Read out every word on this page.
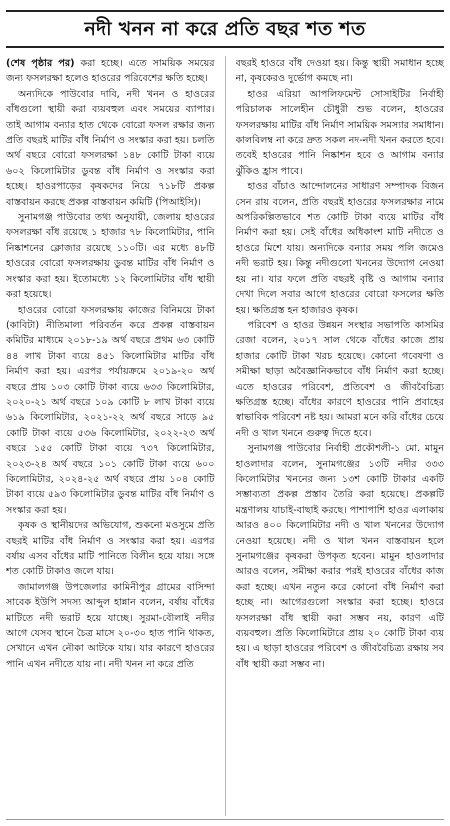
নদী খনন না করে প্রতি বছর শত শত

(শেষ পৃষ্ঠার পর) করা হচ্ছে। এতে সাময়িক সময়ের জন্য ফসলরক্ষা হলেও হাওরের পরিবেশের ক্ষতি হচ্ছে।

অন্যদিকে পাউবোর দাবি, নদী খনন ও হাওরের বাঁধগুলো স্থায়ী করা ব্যয়বহুল এবং সময়ের ব্যাপার। তাই আগাম বন্যার হাত থেকে বোরো ফসল রক্ষার জন্য প্রতি বছরই মাটির বাঁধ নির্মাণ ও সংস্কার করা হয়। চলতি অর্থ বছরে বোরো ফসলরক্ষা ১৪৮ কোটি টাকা ব্যয়ে ৬০২ কিলোমিটার ডুবন্ত বাঁধ নির্মাণ ও সংস্কার করা হচ্ছে। হাওরপাড়ের কৃষকদের নিয়ে ৭১৮টি প্রকল্প বাস্তবায়ন করছে প্রকল্প বাস্তবায়ন কমিটি (পিআইসি)।

সুনামগঞ্জ পাউবোর তথ্য অনুযায়ী, জেলায় হাওরের ফসলরক্ষা বাঁধ রয়েছে ১ হাজার ৭৮ কিলোমিটার, পানি নিষ্কাশনের ক্লোজার রয়েছে ১১০টি। এর মধ্যে ৪৮টি হাওরের বোরো ফসলরক্ষায় ডুবন্ত মাটির বাঁধ নির্মাণ ও সংস্কার করা হয়। ইতোমধ্যে ১২ কিলোমিটার বাঁধ স্থায়ী করা হয়েছে।

হাওরের বোরো ফসলরক্ষায় কাজের বিনিময়ে টাকা (কাবিটা) নীতিমালা পরিবর্তন করে প্রকল্প বাস্তবায়ন কমিটির মাধ্যমে ২০১৮-১৯ অর্থ বছরে প্রথম ৬৩ কোটি ৪৪ লাখ টাকা ব্যয়ে ৪৫১ কিলোমিটার মাটির বাঁধ নির্মাণ করা হয়। এরপর পর্যায়ক্রমে ২০১৯-২০ অর্থ বছরে প্রায় ১০৩ কোটি টাকা ব্যয়ে ৬৩৩ কিলোমিটার, ২০২০-২১ অর্থ বছরে ১০৯ কোটি ৮ লাখ টাকা ব্যয়ে ৬১৯ কিলোমিটার, ২০২১-২২ অর্থ বছরে সাড়ে ৯৫ কোটি টাকা ব্যয়ে ৫৩৬ কিলোমিটার, ২০২২-২৩ অর্থ বছরে ১৫৫ কোটি টাকা ব্যয়ে ৭৩৭ কিলোমিটার, ২০২৩-২৪ অর্থ বছরে ১০১ কোটি টাকা ব্যয়ে ৬০০ কিলোমিটার, ২০২৪-২৫ অর্থ বছরে প্রায় ১০৪ কোটি টাকা ব্যয়ে ৫৯৩ কিলোমিটার ডুবন্ত মাটির বাঁধ নির্মাণ ও সংস্কার করা হয়।

কৃষক ও স্থানীয়দের অভিযোগ, শুকনো মওসুমে প্রতি বছরই মাটির বাঁধ নির্মাণ ও সংস্কার করা হয়। এরপর বর্ষায় এসব বাঁধের মাটি পানিতে বিলীন হয়ে যায়। সঙ্গে শত কোটি টাকাও জলে যায়।

জামালগঞ্জ উপজেলার কামিনীপুর গ্রামের বাসিন্দা সাবেক ইউপি সদস্য আব্দুল হান্নান বলেন, বর্ষায় বাঁধের মাটিতে নদী ভরাট হয়ে যাচ্ছে। সুরমা-বৌলাই নদীর আগে যেসব স্থানে চৈত্র মাসে ২০-৩০ হাত পানি থাকত, সেখানে এখন নৌকা আটকে যায়। যার কারণে হাওরের পানি এখন নদীতে যায় না। নদী খনন না করে প্রতি

বছরই হাওরে বাঁধ দেওয়া হয়। কিন্তু স্থায়ী সমাধান হচ্ছে না, কৃষকেরও দুর্ভোগ কমছে না।

হাওর এরিয়া আপলিফমেন্ট সোসাইটির নির্বাহী পরিচালক সালেহীন চৌধুরী শুভ বলেন, হাওরের ফসলরক্ষায় মাটির বাঁধ নির্মাণ সাময়িক সমস্যার সমাধান। কালবিলম্ব না করে দ্রুত সকল নদ-নদী খনন করতে হবে। তবেই হাওরের পানি নিষ্কাশন হবে ও আগাম বন্যার ঝুঁকিও হ্রাস পাবে।

হাওর বাঁচাও আন্দোলনের সাধারণ সম্পাদক বিজন সেন রায় বলেন, প্রতি বছরই হাওরের ফসলরক্ষার নামে অপরিকল্পিতভাবে শত কোটি টাকা ব্যয়ে মাটির বাঁধ নির্মাণ করা হয়। সেই বাঁধের অধিকাংশ মাটি নদীতে ও হাওরে মিশে যায়। অন্যদিকে বন্যার সময় পলি জমেও নদী ভরাট হয়। কিন্তু নদীগুলো খননের উদ্যোগ নেওয়া হয় না। যার ফলে প্রতি বছরই বৃষ্টি ও আগাম বন্যার দেখা দিলে সবার আগে হাওরের বোরো ফসলের ক্ষতি হয়। ক্ষতিগ্রস্ত হন হাজারও কৃষক।

পরিবেশ ও হাওর উন্নয়ন সংস্থার সভাপতি কাসমির রেজা বলেন, ২০১৭ সাল থেকে বাঁধের কাজে প্রায় হাজার কোটি টাকা খরচ হয়েছে। কোনো গবেষণা ও সমীক্ষা ছাড়া অবৈজ্ঞানিকভাবে বাঁধ নির্মাণ করা হচ্ছে। এতে হাওরের পরিবেশ, প্রতিবেশ ও জীববৈচিত্র্য ক্ষতিগ্রস্ত হচ্ছে। বাঁধের কারণে হাওরের পানি প্রবাহের স্বাভাবিক পরিবেশ নষ্ট হয়। আমরা মনে করি বাঁধের চেয়ে নদী ও খাল খননে গুরুত্ব দিতে হবে।

সুনামগঞ্জ পাউবোর নির্বাহী প্রকৌশলী-১ মো. মামুন হাওলাদার বলেন, সুনামগঞ্জের ১৩টি নদীর ৩৩৩ কিলোমিটার খননের জন্য ১৩শ কোটি টাকার একটি সম্ভাব্যতা প্রকল্প প্রস্তাব তৈরি করা হয়েছে। প্রকল্পটি মন্ত্রণালয় যাচাই-বাছাই করছে। পাশাপাশি হাওর এলাকায় আরও ৪০০ কিলোমিটার নদী ও খাল খননের উদ্যোগ নেওয়া হয়েছে। নদী ও খাল খনন বাস্তবায়ন হলে সুনামগঞ্জের কৃষকরা উপকৃত হবেন। মামুন হাওলাদার আরও বলেন, সমীক্ষা করার পরই হাওরের বাঁধের কাজ করা হচ্ছে। এখন নতুন করে কোনো বাঁধ নির্মাণ করা হচ্ছে না। আগেরগুলো সংস্কার করা হচ্ছে। হাওরে ফসলরক্ষা বাঁধ স্থায়ী করা সম্ভব নয়, কারণ এটি ব্যয়বহুল। প্রতি কিলোমিটারে প্রায় ২০ কোটি টাকা ব্যয় হয়। এ ছাড়া হাওরের পরিবেশ ও জীববৈচিত্র্য রক্ষায় সব বাঁধ স্থায়ী করা সম্ভব না।
